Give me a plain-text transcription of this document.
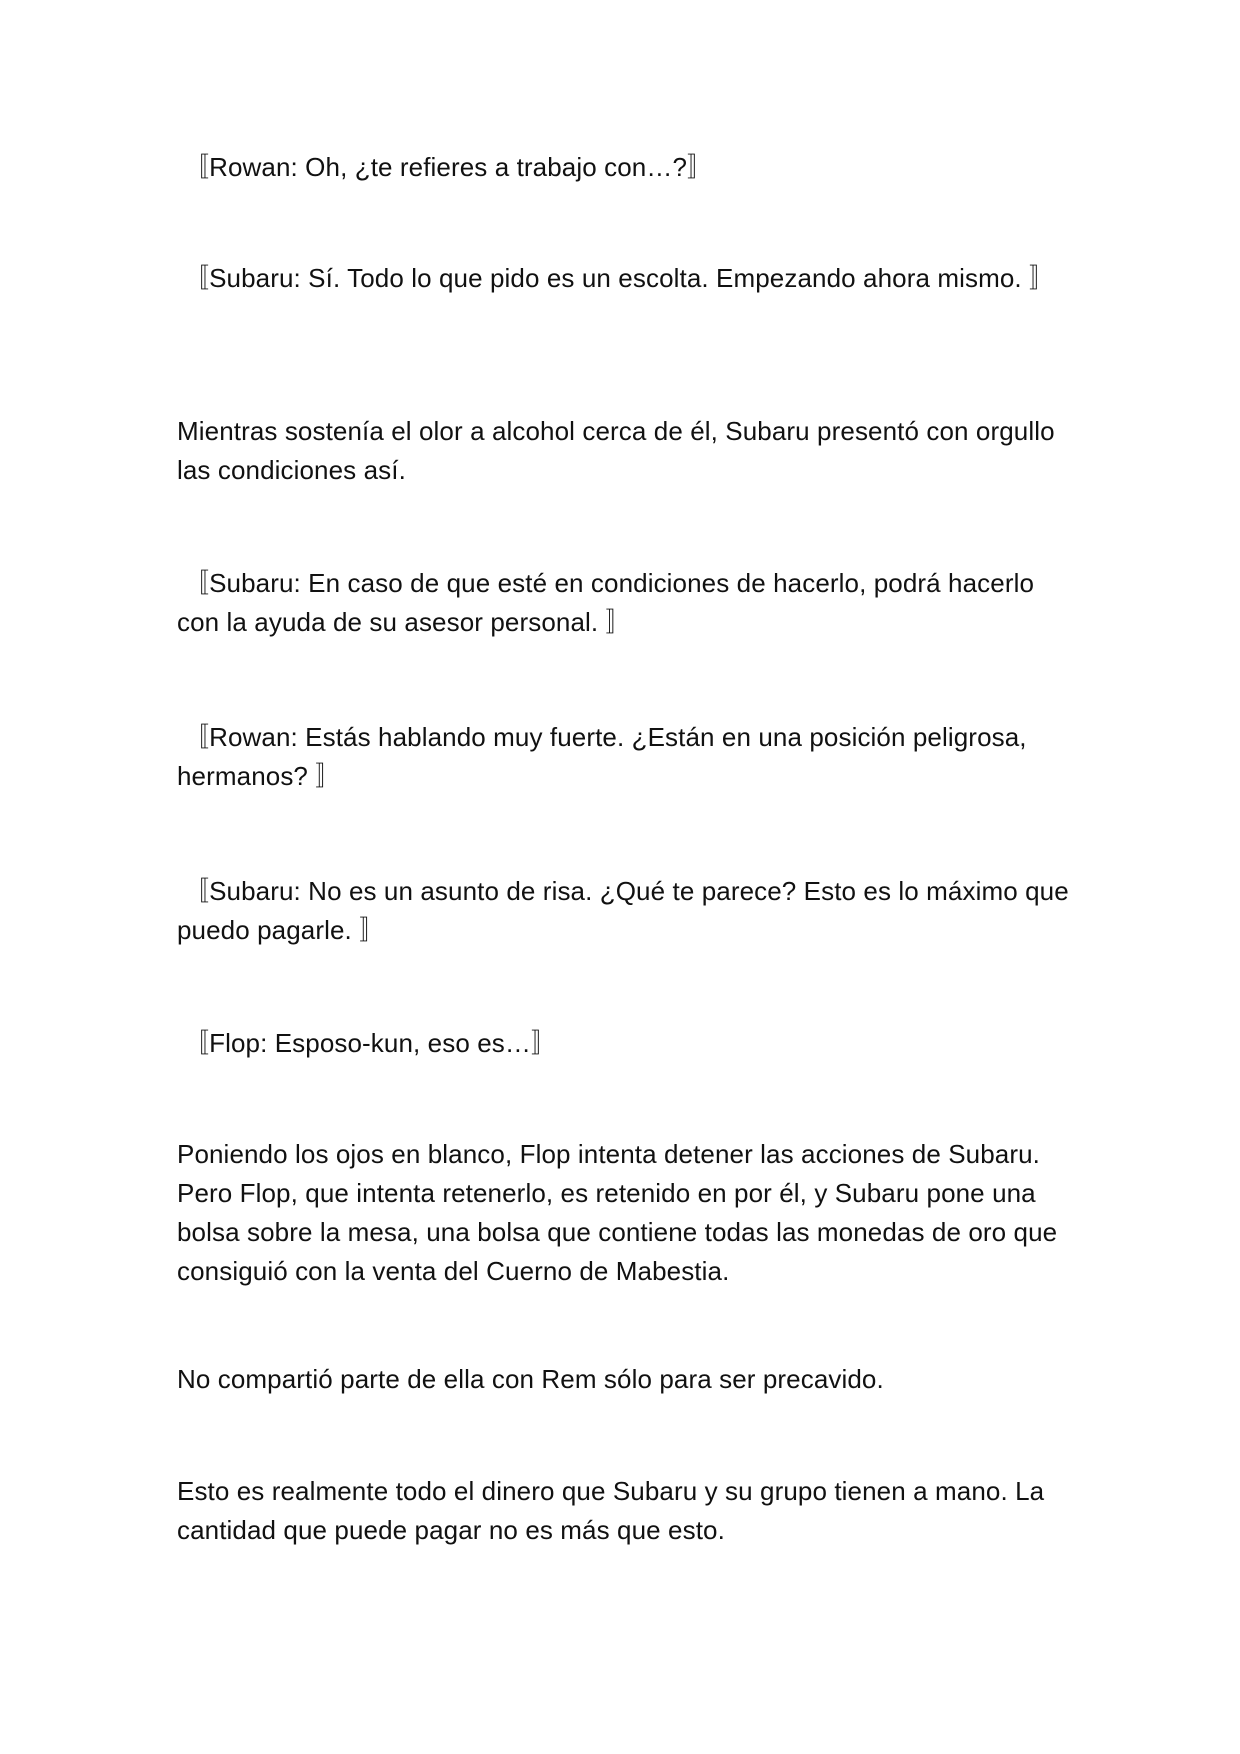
〚Rowan: Oh, ¿te refieres a trabajo con…?〛

〚Subaru: Sí. Todo lo que pido es un escolta. Empezando ahora mismo. 〛

Mientras sostenía el olor a alcohol cerca de él, Subaru presentó con orgullo las condiciones así.

〚Subaru: En caso de que esté en condiciones de hacerlo, podrá hacerlo con la ayuda de su asesor personal. 〛

〚Rowan: Estás hablando muy fuerte. ¿Están en una posición peligrosa, hermanos? 〛

〚Subaru: No es un asunto de risa. ¿Qué te parece? Esto es lo máximo que puedo pagarle. 〛

〚Flop: Esposo-kun, eso es…〛

Poniendo los ojos en blanco, Flop intenta detener las acciones de Subaru. Pero Flop, que intenta retenerlo, es retenido en por él, y Subaru pone una bolsa sobre la mesa, una bolsa que contiene todas las monedas de oro que consiguió con la venta del Cuerno de Mabestia.

No compartió parte de ella con Rem sólo para ser precavido.

Esto es realmente todo el dinero que Subaru y su grupo tienen a mano. La cantidad que puede pagar no es más que esto.
